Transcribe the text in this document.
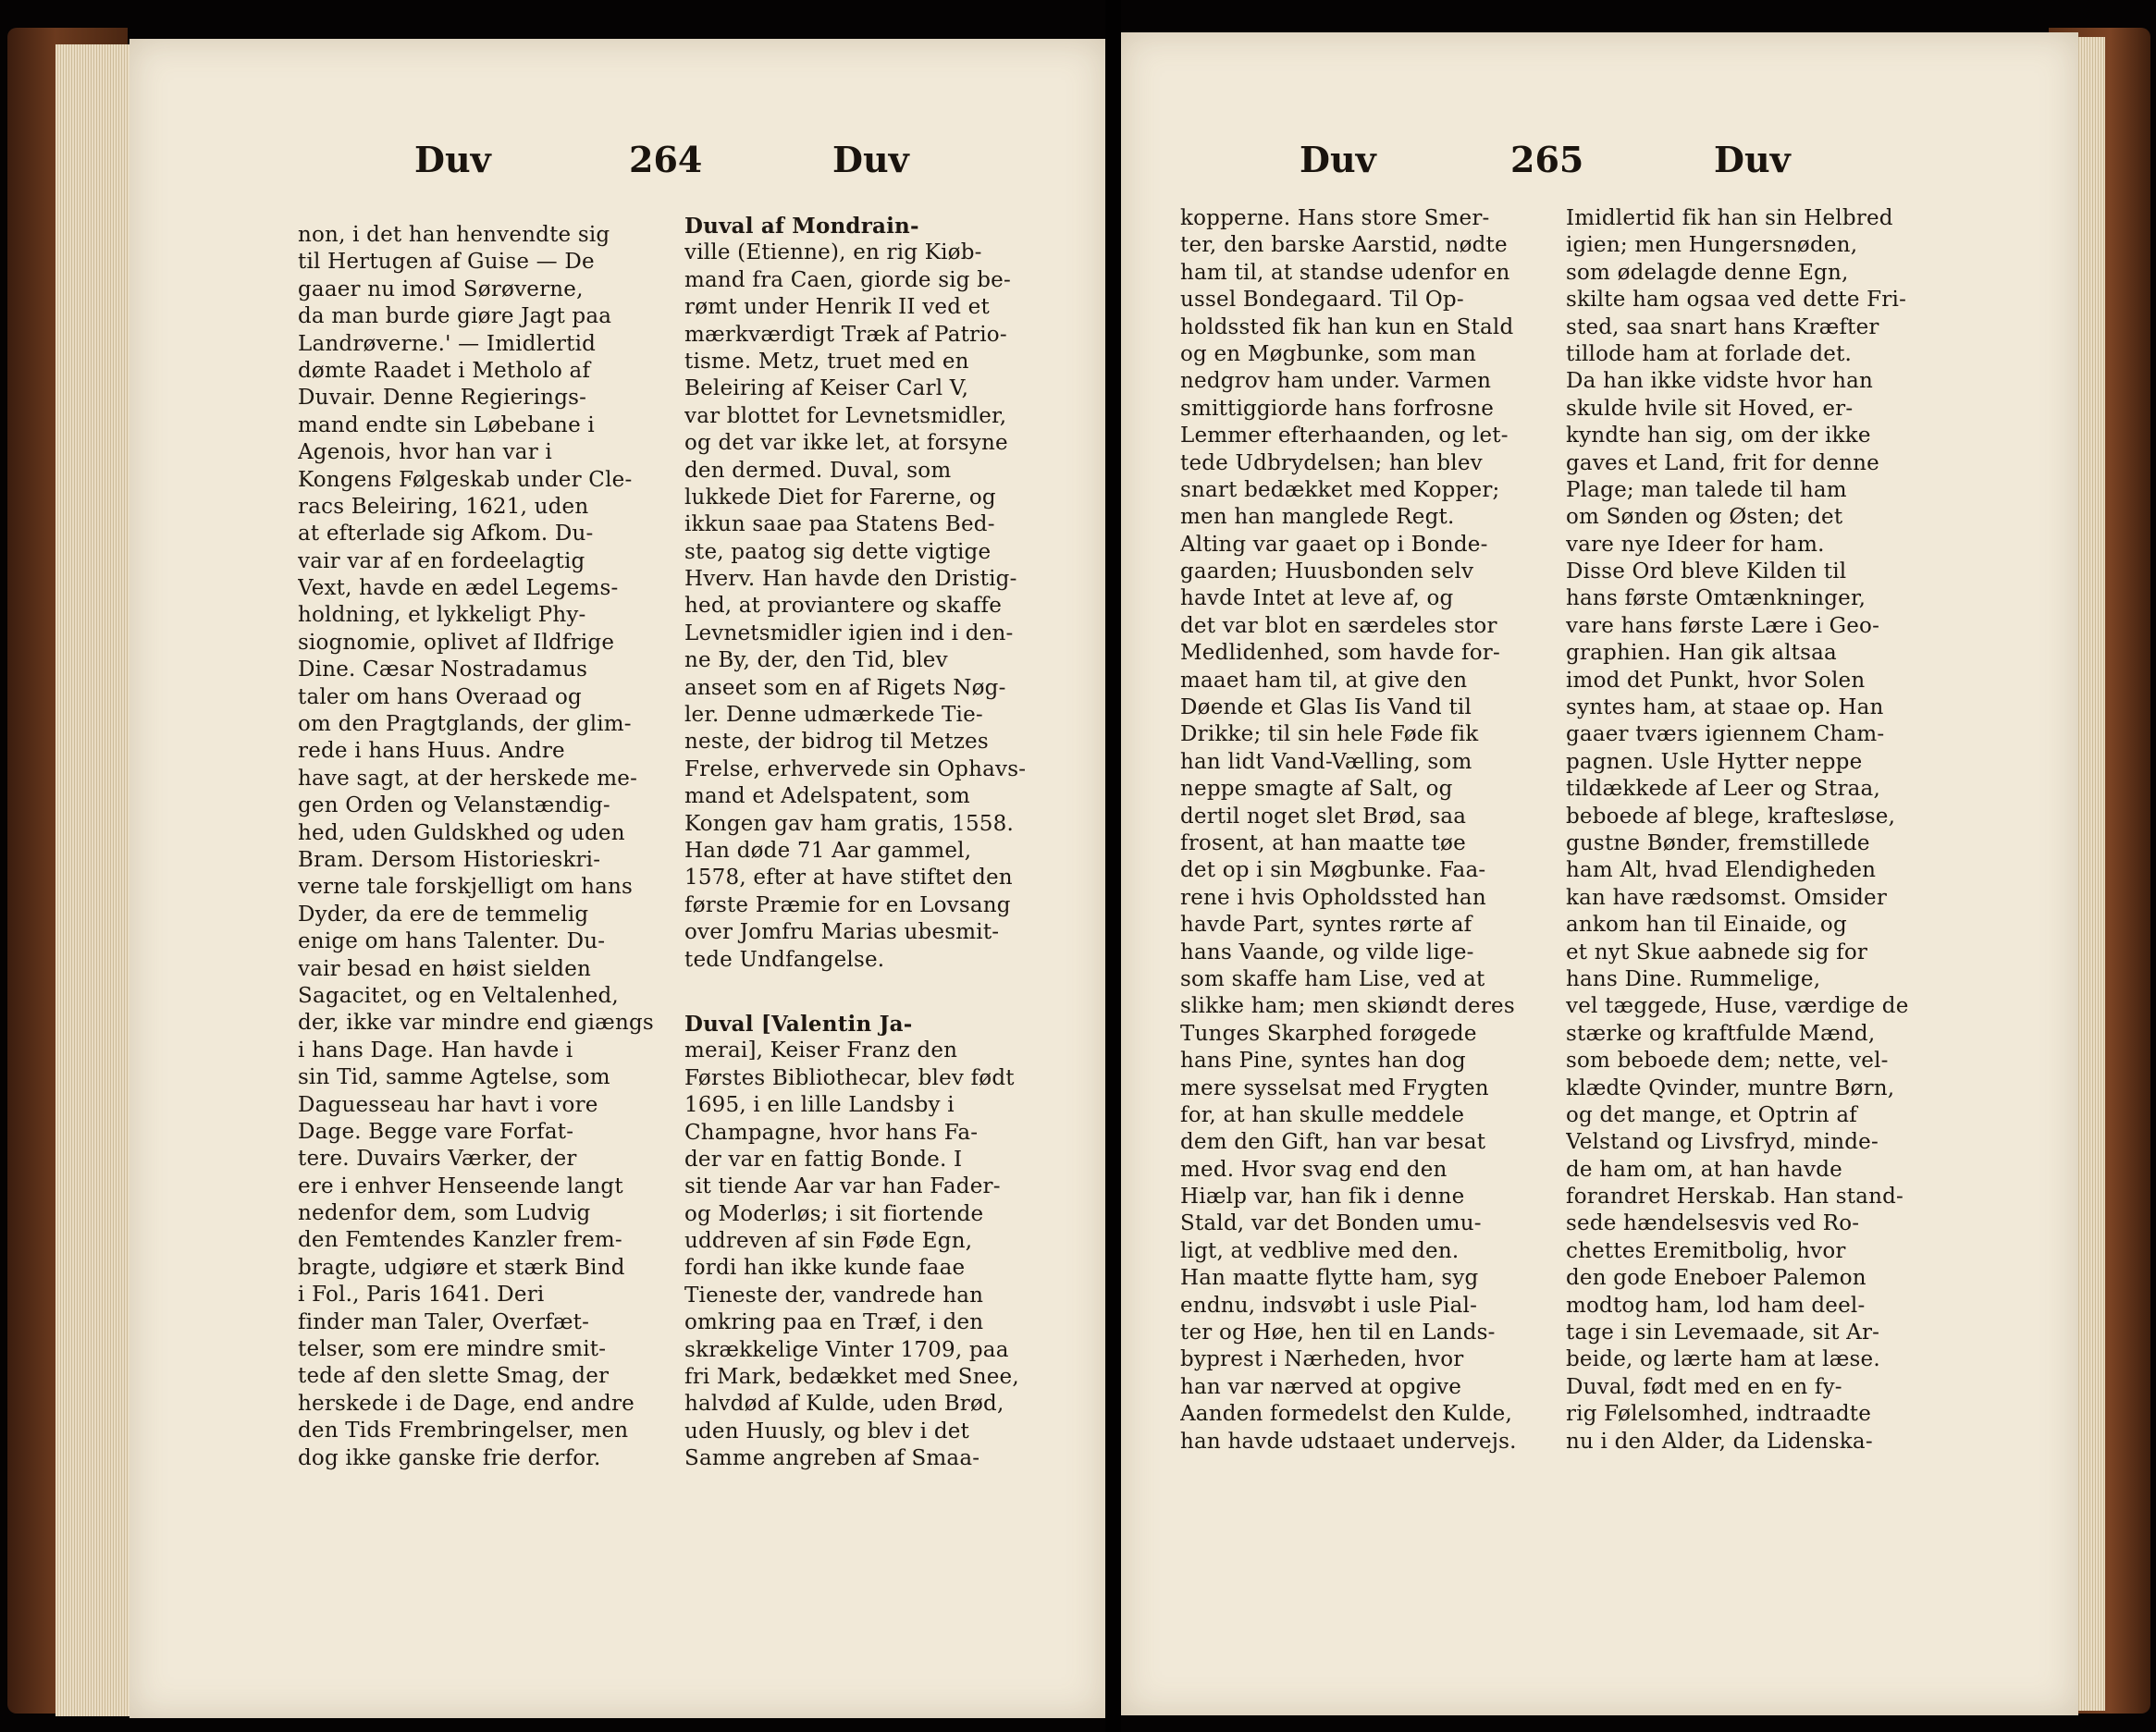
Duv	264	Duv	Duv	265	Duv
non, i det han henvendte sig
til Hertugen af Guise — De
gaaer nu imod Sørøverne,
da man burde giøre Jagt paa
Landrøverne.' — Imidlertid
dømte Raadet i Metholo af
Duvair. Denne Regierings-
mand endte sin Løbebane i
Agenois, hvor han var i
Kongens Følgeskab under Cle-
racs Beleiring, 1621, uden
at efterlade sig Afkom. Du-
vair var af en fordeelagtig
Vext, havde en ædel Legems-
holdning, et lykkeligt Phy-
siognomie, oplivet af Ildfrige
Dine. Cæsar Nostradamus
taler om hans Overaad og
om den Pragtglands, der glim-
rede i hans Huus. Andre
have sagt, at der herskede me-
gen Orden og Velanstændig-
hed, uden Guldskhed og uden
Bram. Dersom Historieskri-
verne tale forskjelligt om hans
Dyder, da ere de temmelig
enige om hans Talenter. Du-
vair besad en høist sielden
Sagacitet, og en Veltalenhed,
der, ikke var mindre end giængs
i hans Dage. Han havde i
sin Tid, samme Agtelse, som
Daguesseau har havt i vore
Dage. Begge vare Forfat-
tere. Duvairs Værker, der
ere i enhver Henseende langt
nedenfor dem, som Ludvig
den Femtendes Kanzler frem-
bragte, udgiøre et stærk Bind
i Fol., Paris 1641. Deri
finder man Taler, Overfæt-
telser, som ere mindre smit-
tede af den slette Smag, der
herskede i de Dage, end andre
den Tids Frembringelser, men
dog ikke ganske frie derfor.
Duval af Mondrain-
ville (Etienne), en rig Kiøb-
mand fra Caen, giorde sig be-
rømt under Henrik II ved et
mærkværdigt Træk af Patrio-
tisme. Metz, truet med en
Beleiring af Keiser Carl V,
var blottet for Levnetsmidler,
og det var ikke let, at forsyne
den dermed. Duval, som
lukkede Diet for Farerne, og
ikkun saae paa Statens Bed-
ste, paatog sig dette vigtige
Hverv. Han havde den Dristig-
hed, at proviantere og skaffe
Levnetsmidler igien ind i den-
ne By, der, den Tid, blev
anseet som en af Rigets Nøg-
ler. Denne udmærkede Tie-
neste, der bidrog til Metzes
Frelse, erhvervede sin Ophavs-
mand et Adelspatent, som
Kongen gav ham gratis, 1558.
Han døde 71 Aar gammel,
1578, efter at have stiftet den
første Præmie for en Lovsang
over Jomfru Marias ubesmit-
tede Undfangelse.
Duval [Valentin Ja-
merai], Keiser Franz den
Førstes Bibliothecar, blev født
1695, i en lille Landsby i
Champagne, hvor hans Fa-
der var en fattig Bonde. I
sit tiende Aar var han Fader-
og Moderløs; i sit fiortende
uddreven af sin Føde Egn,
fordi han ikke kunde faae
Tieneste der, vandrede han
omkring paa en Træf, i den
skrækkelige Vinter 1709, paa
fri Mark, bedækket med Snee,
halvdød af Kulde, uden Brød,
uden Huusly, og blev i det
Samme angreben af Smaa-
kopperne. Hans store Smer-
ter, den barske Aarstid, nødte
ham til, at standse udenfor en
ussel Bondegaard. Til Op-
holdssted fik han kun en Stald
og en Møgbunke, som man
nedgrov ham under. Varmen
smittiggiorde hans forfrosne
Lemmer efterhaanden, og let-
tede Udbrydelsen; han blev
snart bedækket med Kopper;
men han manglede Regt.
Alting var gaaet op i Bonde-
gaarden; Huusbonden selv
havde Intet at leve af, og
det var blot en særdeles stor
Medlidenhed, som havde for-
maaet ham til, at give den
Døende et Glas Iis Vand til
Drikke; til sin hele Føde fik
han lidt Vand-Vælling, som
neppe smagte af Salt, og
dertil noget slet Brød, saa
frosent, at han maatte tøe
det op i sin Møgbunke. Faa-
rene i hvis Opholdssted han
havde Part, syntes rørte af
hans Vaande, og vilde lige-
som skaffe ham Lise, ved at
slikke ham; men skiøndt deres
Tunges Skarphed forøgede
hans Pine, syntes han dog
mere sysselsat med Frygten
for, at han skulle meddele
dem den Gift, han var besat
med. Hvor svag end den
Hiælp var, han fik i denne
Stald, var det Bonden umu-
ligt, at vedblive med den.
Han maatte flytte ham, syg
endnu, indsvøbt i usle Pial-
ter og Høe, hen til en Lands-
byprest i Nærheden, hvor
han var nærved at opgive
Aanden formedelst den Kulde,
han havde udstaaet undervejs.
Imidlertid fik han sin Helbred
igien; men Hungersnøden,
som ødelagde denne Egn,
skilte ham ogsaa ved dette Fri-
sted, saa snart hans Kræfter
tillode ham at forlade det.
Da han ikke vidste hvor han
skulde hvile sit Hoved, er-
kyndte han sig, om der ikke
gaves et Land, frit for denne
Plage; man talede til ham
om Sønden og Østen; det
vare nye Ideer for ham.
Disse Ord bleve Kilden til
hans første Omtænkninger,
vare hans første Lære i Geo-
graphien. Han gik altsaa
imod det Punkt, hvor Solen
syntes ham, at staae op. Han
gaaer tværs igiennem Cham-
pagnen. Usle Hytter neppe
tildækkede af Leer og Straa,
beboede af blege, kraftesløse,
gustne Bønder, fremstillede
ham Alt, hvad Elendigheden
kan have rædsomst. Omsider
ankom han til Einaide, og
et nyt Skue aabnede sig for
hans Dine. Rummelige,
vel tæggede, Huse, værdige de
stærke og kraftfulde Mænd,
som beboede dem; nette, vel-
klædte Qvinder, muntre Børn,
og det mange, et Optrin af
Velstand og Livsfryd, minde-
de ham om, at han havde
forandret Herskab. Han stand-
sede hændelsesvis ved Ro-
chettes Eremitbolig, hvor
den gode Eneboer Palemon
modtog ham, lod ham deel-
tage i sin Levemaade, sit Ar-
beide, og lærte ham at læse.
Duval, født med en en fy-
rig Følelsomhed, indtraadte
nu i den Alder, da Lidenska-
